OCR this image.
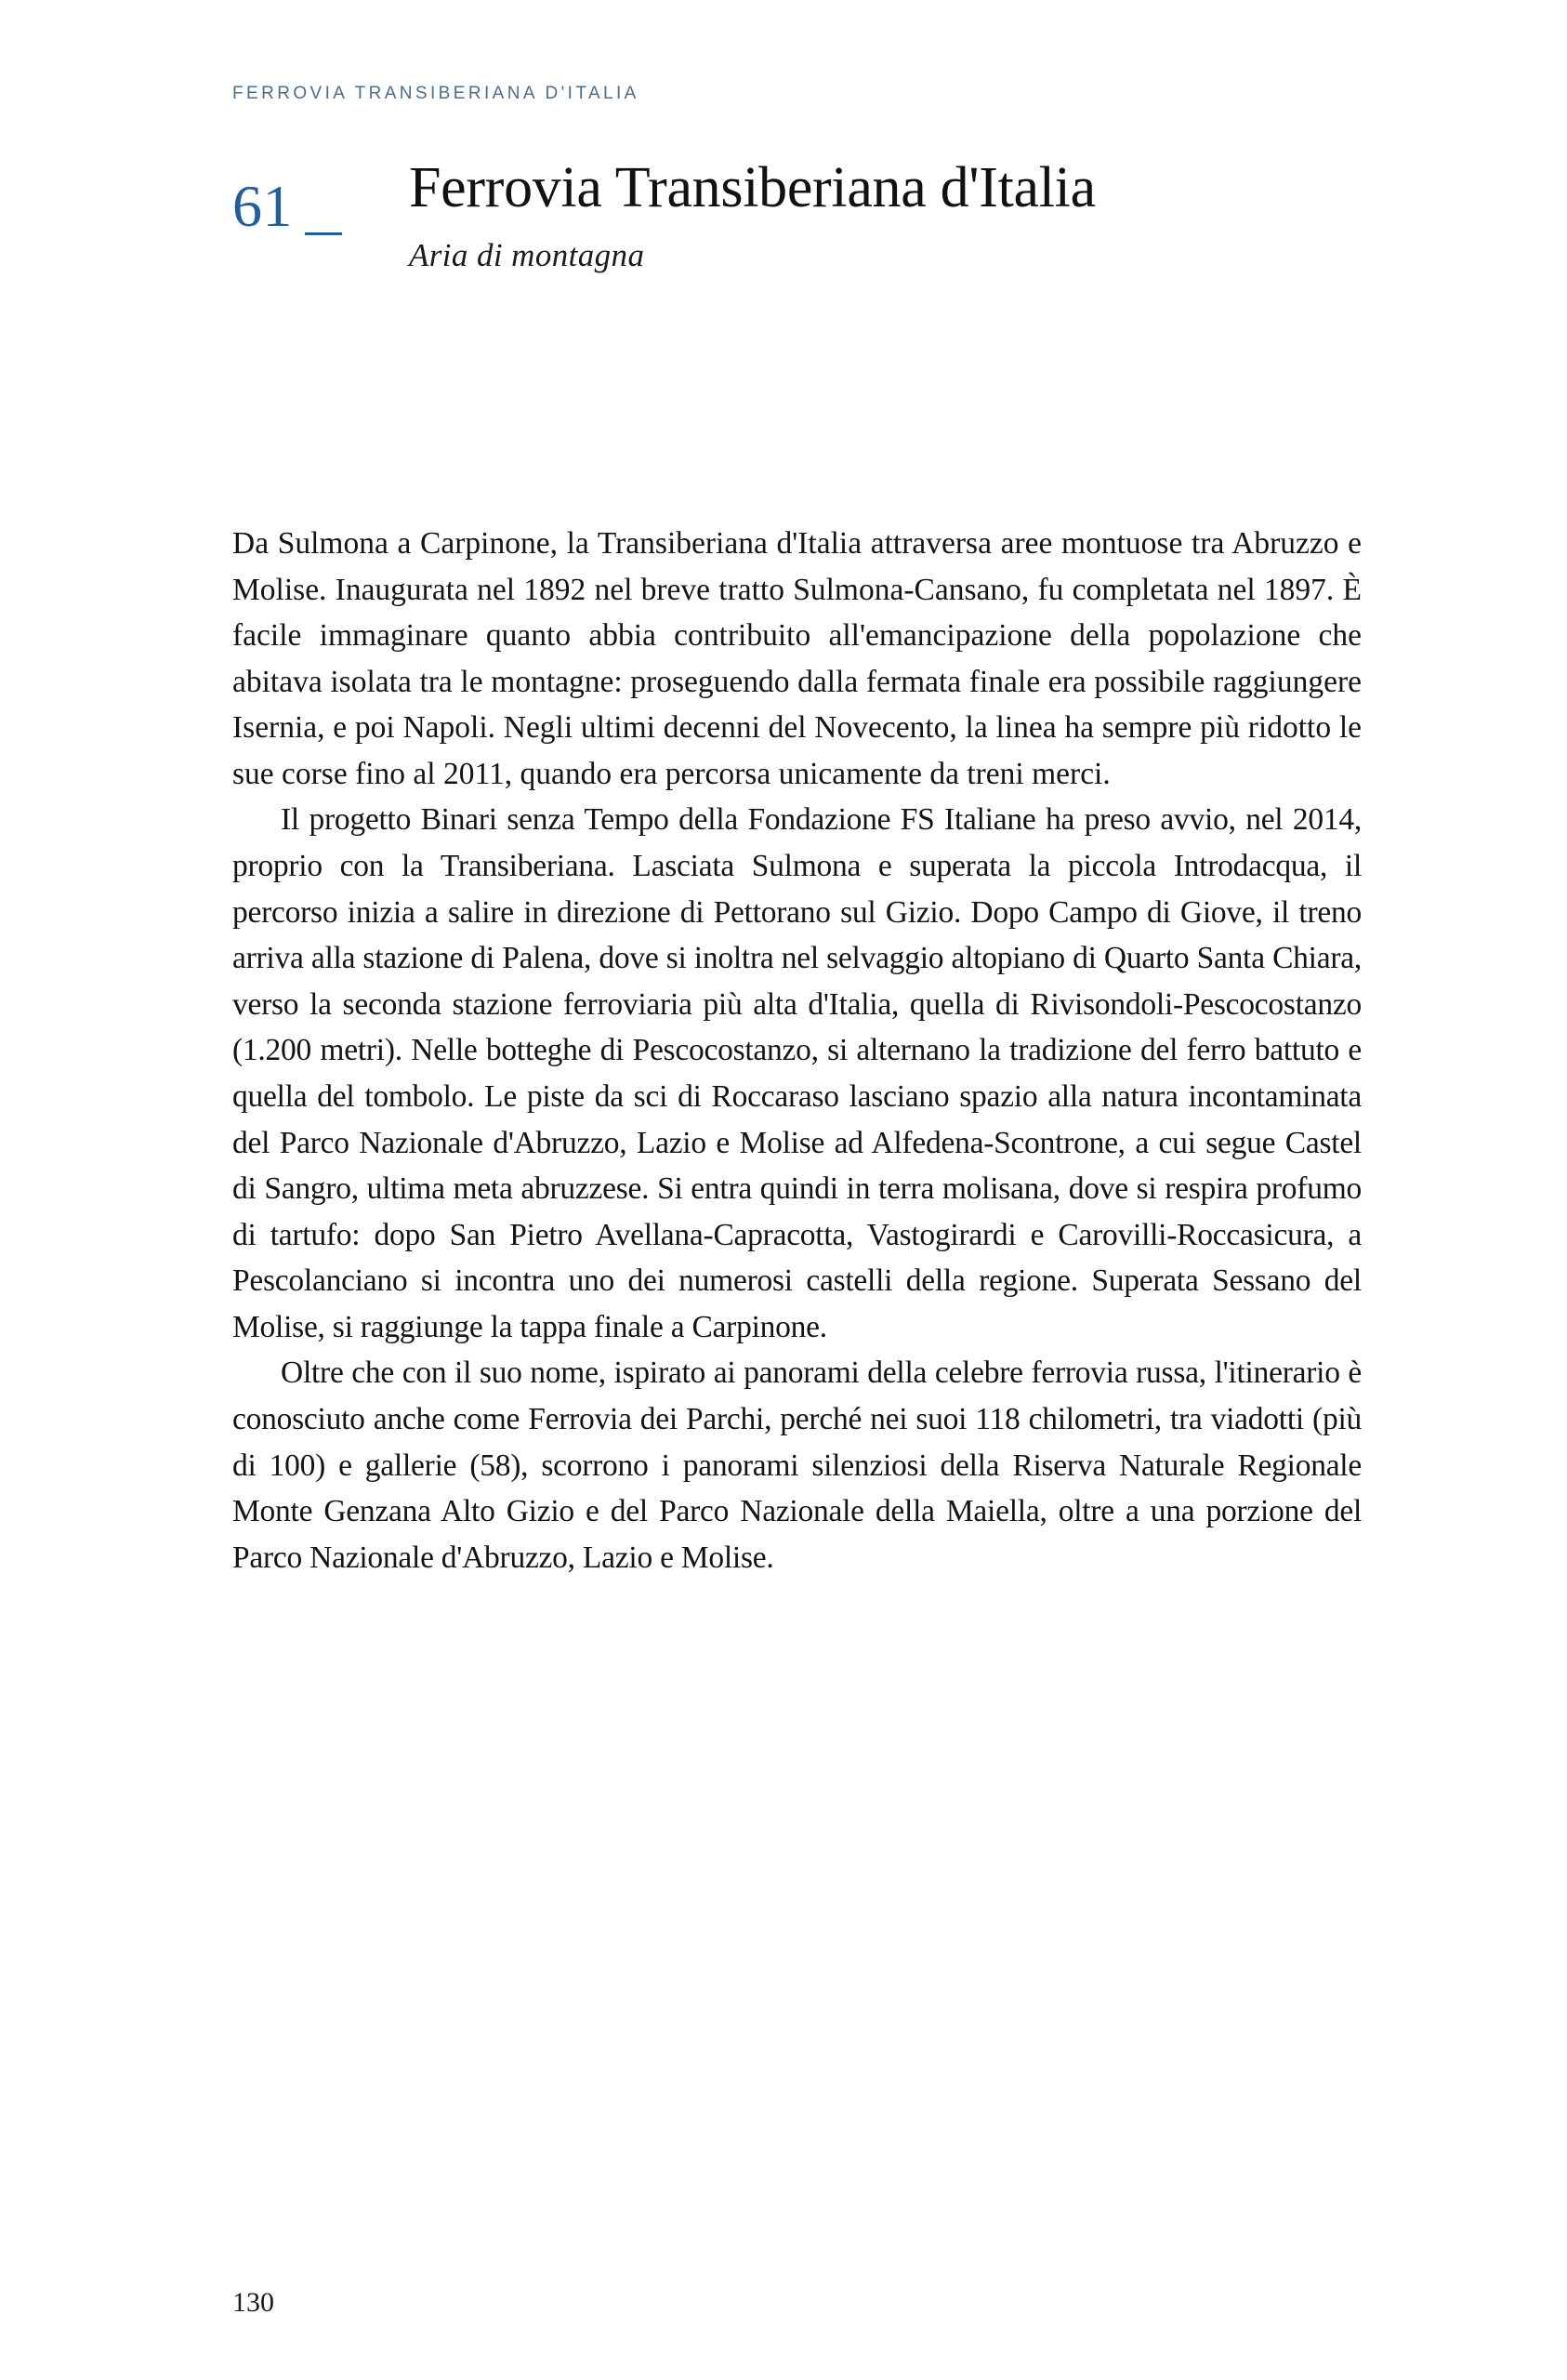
FERROVIA TRANSIBERIANA D'ITALIA
61 Ferrovia Transiberiana d'Italia
Aria di montagna

Da Sulmona a Carpinone, la Transiberiana d'Italia attraversa aree montuose tra Abruzzo e Molise. Inaugurata nel 1892 nel breve tratto Sulmona-Cansano, fu completata nel 1897. È facile immaginare quanto abbia contribuito all'emancipazione della popolazione che abitava isolata tra le montagne: proseguendo dalla fermata finale era possibile raggiungere Isernia, e poi Napoli. Negli ultimi decenni del Novecento, la linea ha sempre più ridotto le sue corse fino al 2011, quando era percorsa unicamente da treni merci.

Il progetto Binari senza Tempo della Fondazione FS Italiane ha preso avvio, nel 2014, proprio con la Transiberiana. Lasciata Sulmona e superata la piccola Introdacqua, il percorso inizia a salire in direzione di Pettorano sul Gizio. Dopo Campo di Giove, il treno arriva alla stazione di Palena, dove si inoltra nel selvaggio altopiano di Quarto Santa Chiara, verso la seconda stazione ferroviaria più alta d'Italia, quella di Rivisondoli-Pescocostanzo (1.200 metri). Nelle botteghe di Pescocostanzo, si alternano la tradizione del ferro battuto e quella del tombolo. Le piste da sci di Roccaraso lasciano spazio alla natura incontaminata del Parco Nazionale d'Abruzzo, Lazio e Molise ad Alfedena-Scontrone, a cui segue Castel di Sangro, ultima meta abruzzese. Si entra quindi in terra molisana, dove si respira profumo di tartufo: dopo San Pietro Avellana-Capracotta, Vastogirardi e Carovilli-Roccasicura, a Pescolanciano si incontra uno dei numerosi castelli della regione. Superata Sessano del Molise, si raggiunge la tappa finale a Carpinone.

Oltre che con il suo nome, ispirato ai panorami della celebre ferrovia russa, l'itinerario è conosciuto anche come Ferrovia dei Parchi, perché nei suoi 118 chilometri, tra viadotti (più di 100) e gallerie (58), scorrono i panorami silenziosi della Riserva Naturale Regionale Monte Genzana Alto Gizio e del Parco Nazionale della Maiella, oltre a una porzione del Parco Nazionale d'Abruzzo, Lazio e Molise.

130
